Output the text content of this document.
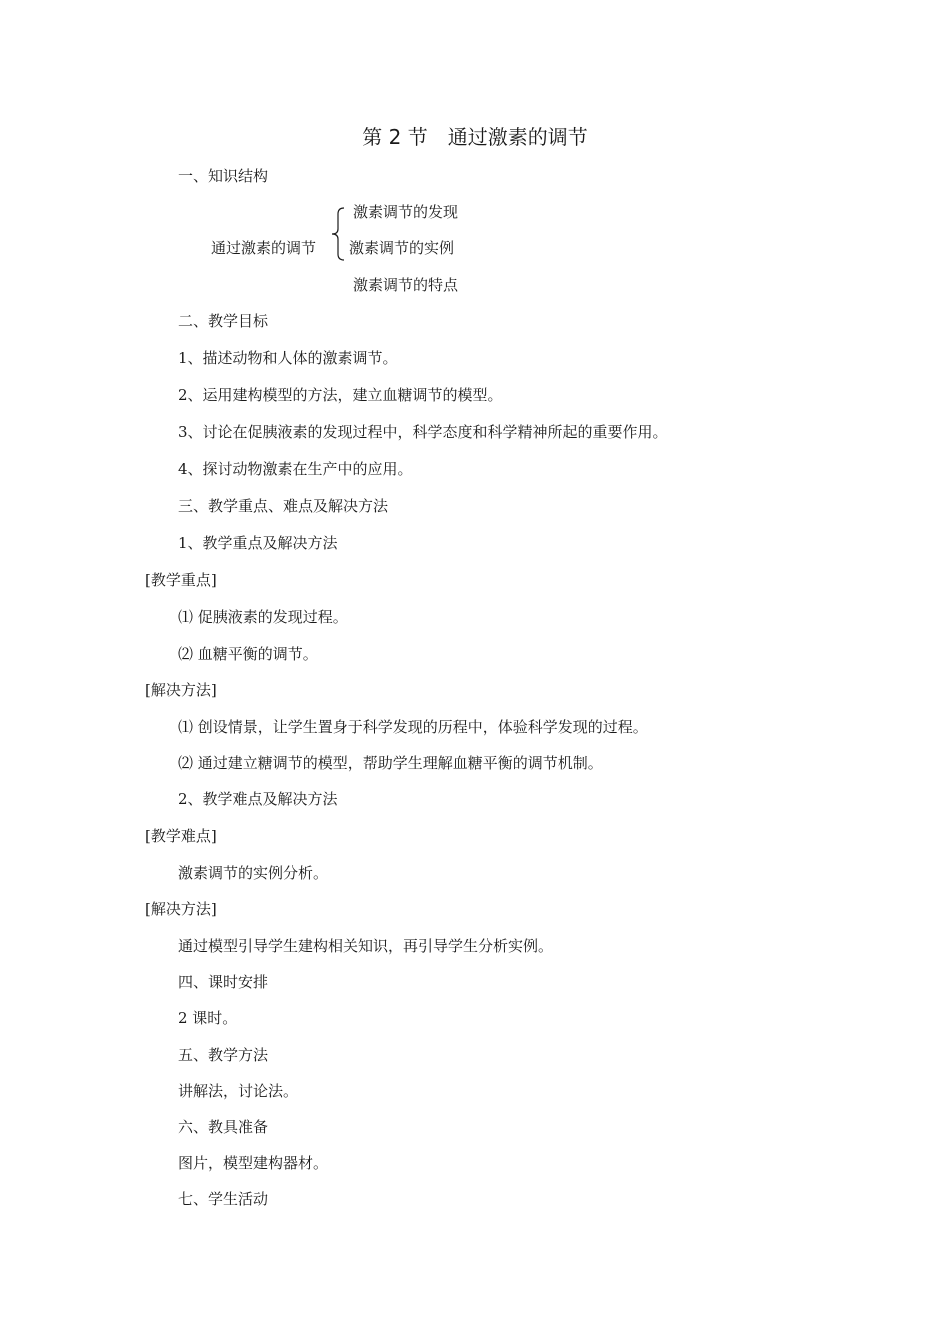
第 2 节　通过激素的调节
一、知识结构
通过激素的调节
激素调节的发现
激素调节的实例
激素调节的特点
二、教学目标
1、描述动物和人体的激素调节。
2、运用建构模型的方法，建立血糖调节的模型。
3、讨论在促胰液素的发现过程中，科学态度和科学精神所起的重要作用。
4、探讨动物激素在生产中的应用。
三、教学重点、难点及解决方法
1、教学重点及解决方法
[教学重点]
⑴ 促胰液素的发现过程。
⑵ 血糖平衡的调节。
[解决方法]
⑴ 创设情景，让学生置身于科学发现的历程中，体验科学发现的过程。
⑵ 通过建立糖调节的模型，帮助学生理解血糖平衡的调节机制。
2、教学难点及解决方法
[教学难点]
激素调节的实例分析。
[解决方法]
通过模型引导学生建构相关知识，再引导学生分析实例。
四、课时安排
2 课时。
五、教学方法
讲解法，讨论法。
六、教具准备
图片，模型建构器材。
七、学生活动
